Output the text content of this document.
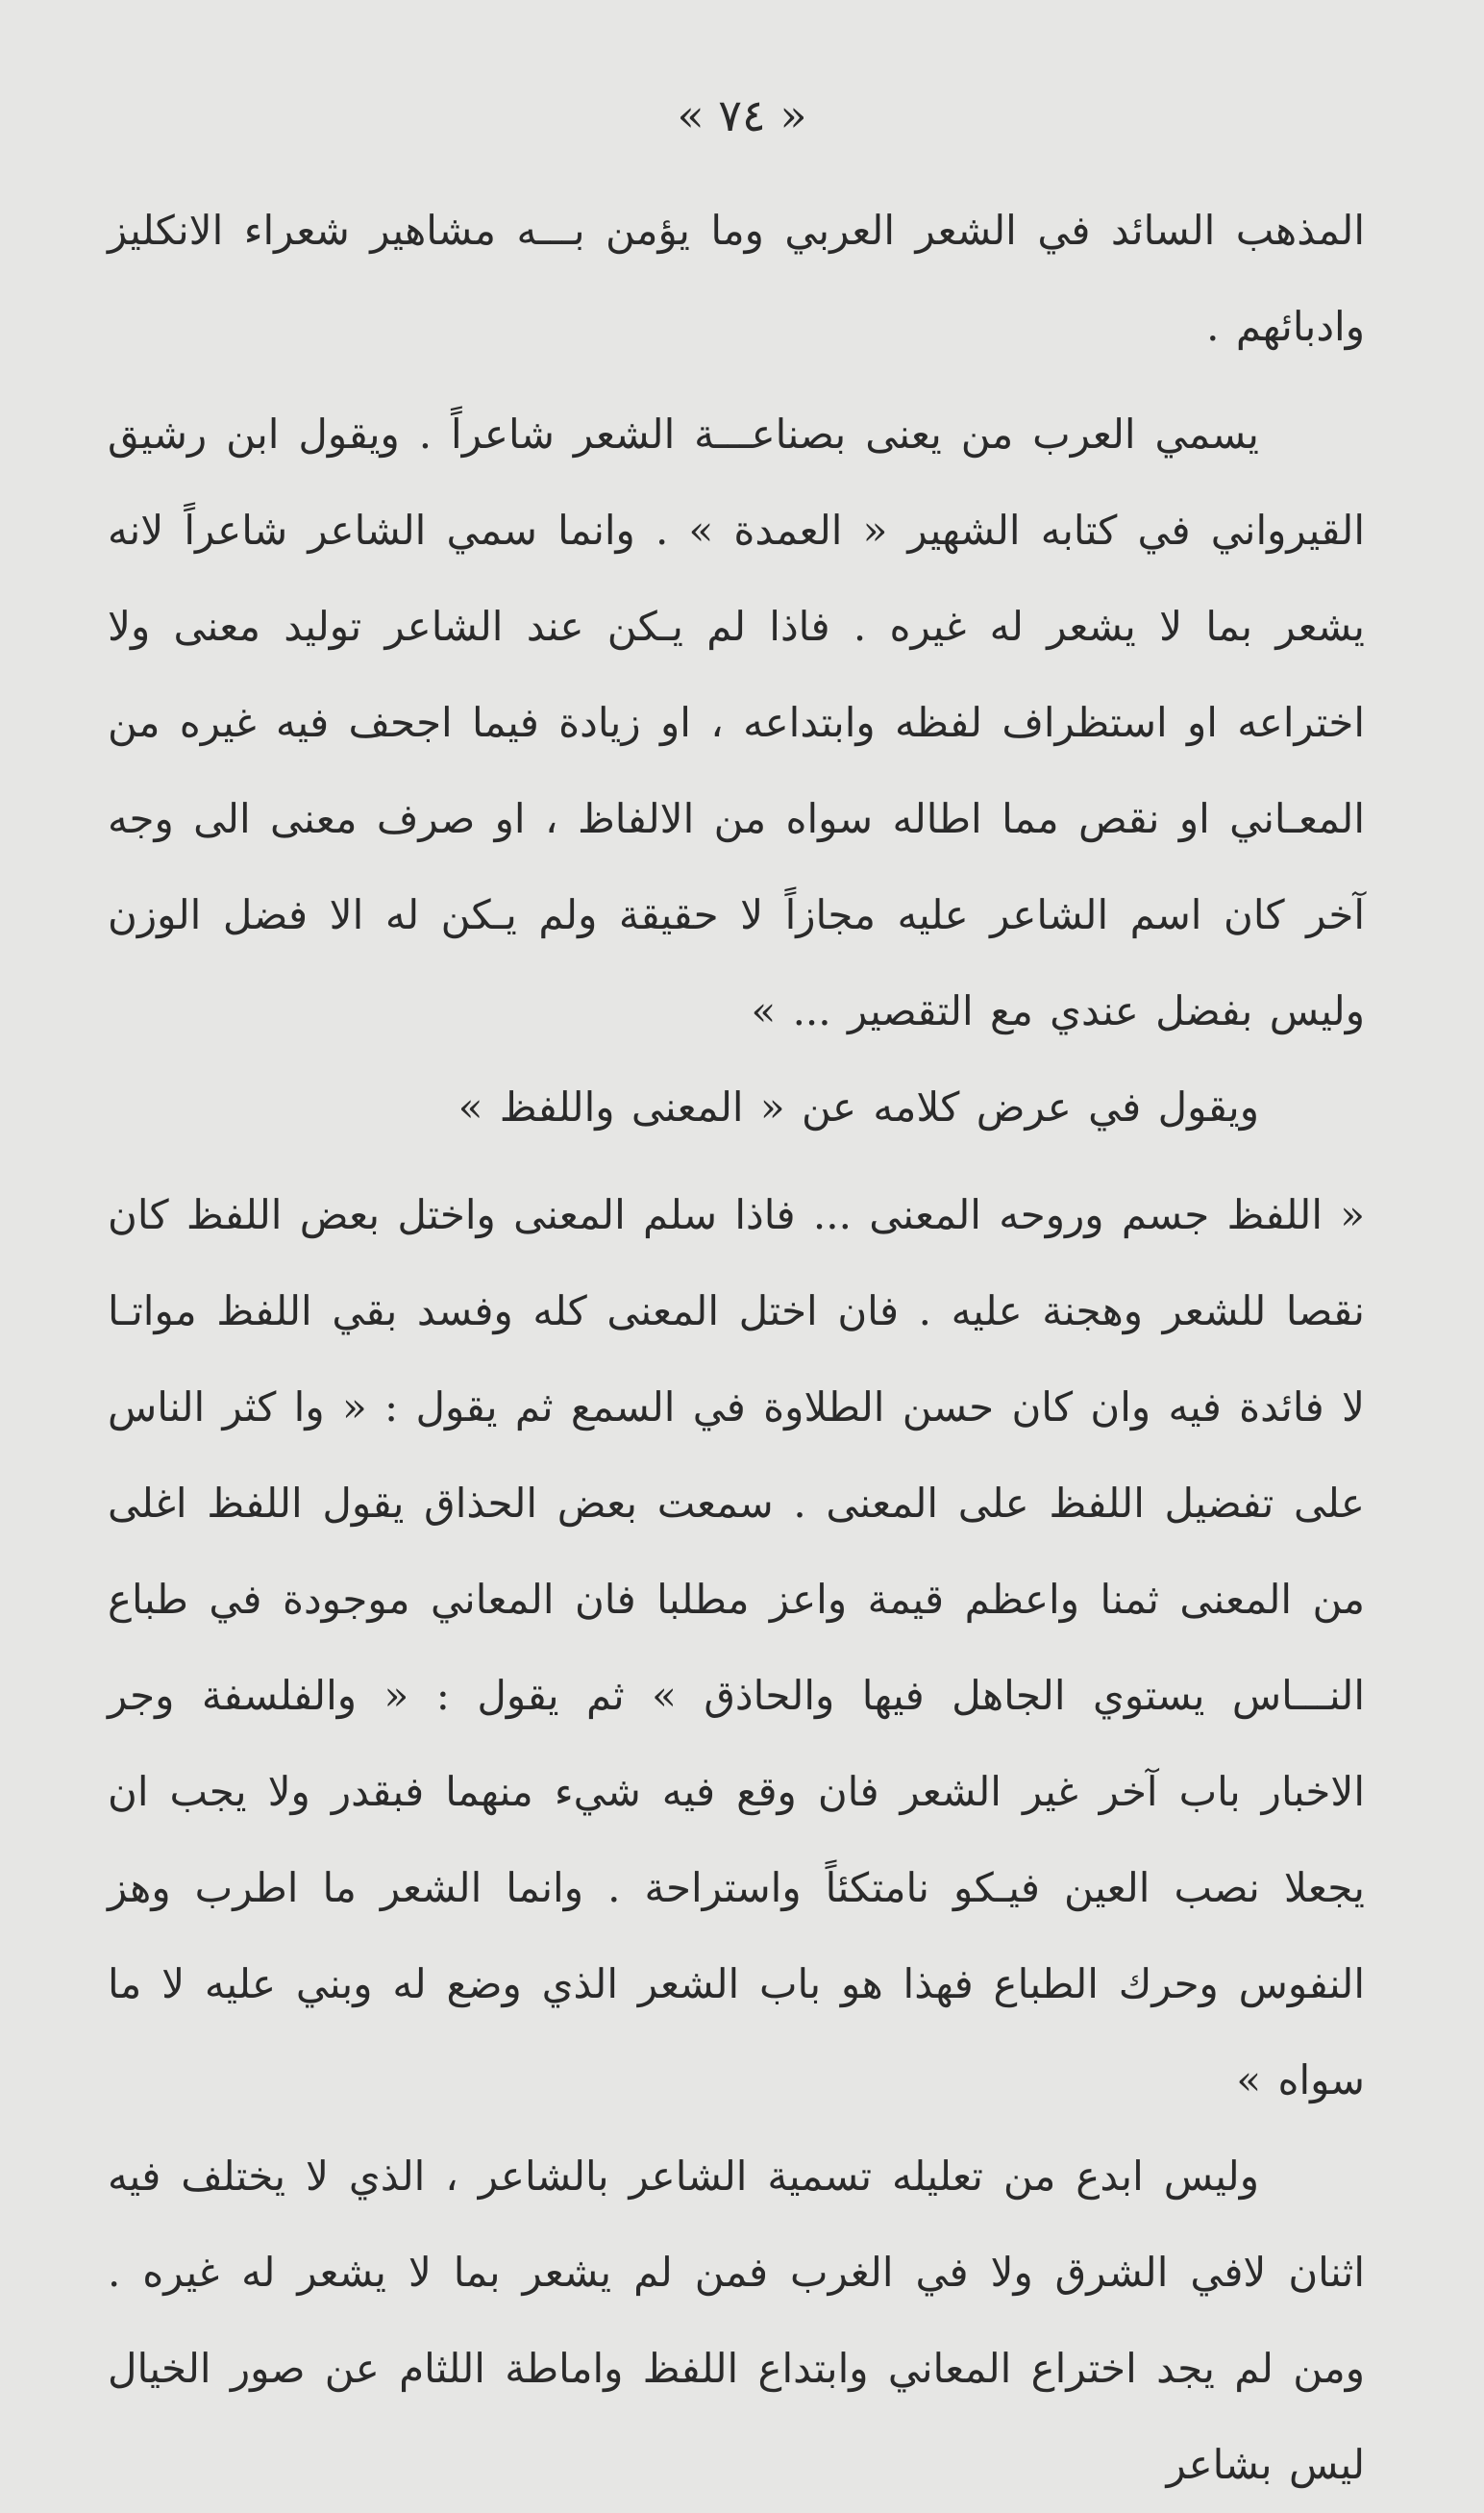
« ٧٤ »

المذهب السائد في الشعر العربي وما يؤمن بـــه مشاهير شعراء الانكليز وادبائهم .

يسمي العرب من يعنى بصناعـــة الشعر شاعراً . ويقول ابن رشيق القيرواني في كتابه الشهير « العمدة » . وانما سمي الشاعر شاعراً لانه يشعر بما لا يشعر له غيره . فاذا لم يـكن عند الشاعر توليد معنى ولا اختراعه او استظراف لفظه وابتداعه ، او زيادة فيما اجحف فيه غيره من المعـاني او نقص مما اطاله سواه من الالفاظ ، او صرف معنى الى وجه آخر كان اسم الشاعر عليه مجازاً لا حقيقة ولم يـكن له الا فضل الوزن وليس بفضل عندي مع التقصير ... »

ويقول في عرض كلامه عن « المعنى واللفظ »

« اللفظ جسم وروحه المعنى ... فاذا سلم المعنى واختل بعض اللفظ كان نقصا للشعر وهجنة عليه . فان اختل المعنى كله وفسد بقي اللفظ مواتـا لا فائدة فيه وان كان حسن الطلاوة في السمع ثم يقول : « وا كثر الناس على تفضيل اللفظ على المعنى . سمعت بعض الحذاق يقول اللفظ اغلى من المعنى ثمنا واعظم قيمة واعز مطلبا فان المعاني موجودة في طباع النـــاس يستوي الجاهل فيها والحاذق » ثم يقول : « والفلسفة وجر الاخبار باب آخر غير الشعر فان وقع فيه شيء منهما فبقدر ولا يجب ان يجعلا نصب العين فيـكو نامتكئاً واستراحة . وانما الشعر ما اطرب وهز النفوس وحرك الطباع فهذا هو باب الشعر الذي وضع له وبني عليه لا ما سواه »

وليس ابدع من تعليله تسمية الشاعر بالشاعر ، الذي لا يختلف فيه اثنان لافي الشرق ولا في الغرب فمن لم يشعر بما لا يشعر له غيره . ومن لم يجد اختراع المعاني وابتداع اللفظ واماطة اللثام عن صور الخيال ليس بشاعر
